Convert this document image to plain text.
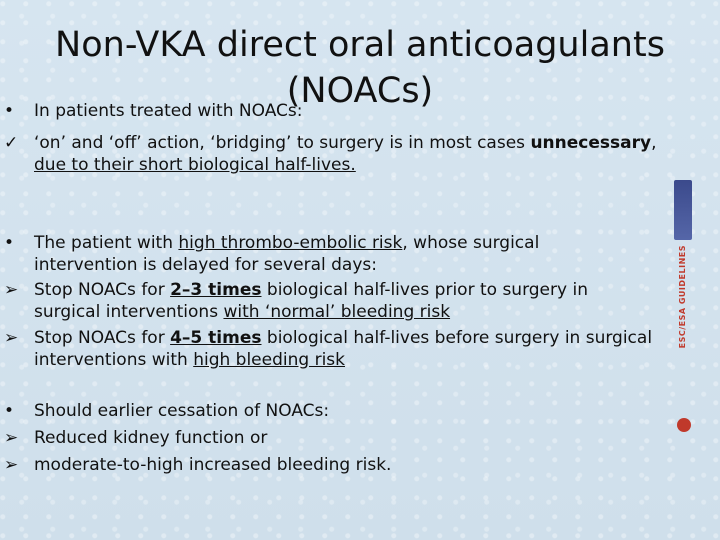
Non-VKA direct oral anticoagulants (NOACs)
• In patients treated with NOACs:
✓ ‘on’ and ‘off’ action, ‘bridging’ to surgery is in most cases unnecessary,
due to their short biological half-lives.
• The patient with high thrombo-embolic risk, whose surgical
intervention is delayed for several days:
➢ Stop NOACs for 2–3 times biological half-lives prior to surgery in
surgical interventions with ‘normal’ bleeding risk
➢ Stop NOACs for 4–5 times biological half-lives before surgery in surgical
interventions with high bleeding risk
• Should earlier cessation of NOACs:
➢ Reduced kidney function or
➢ moderate-to-high increased bleeding risk.
ESC/ESA GUIDELINES
